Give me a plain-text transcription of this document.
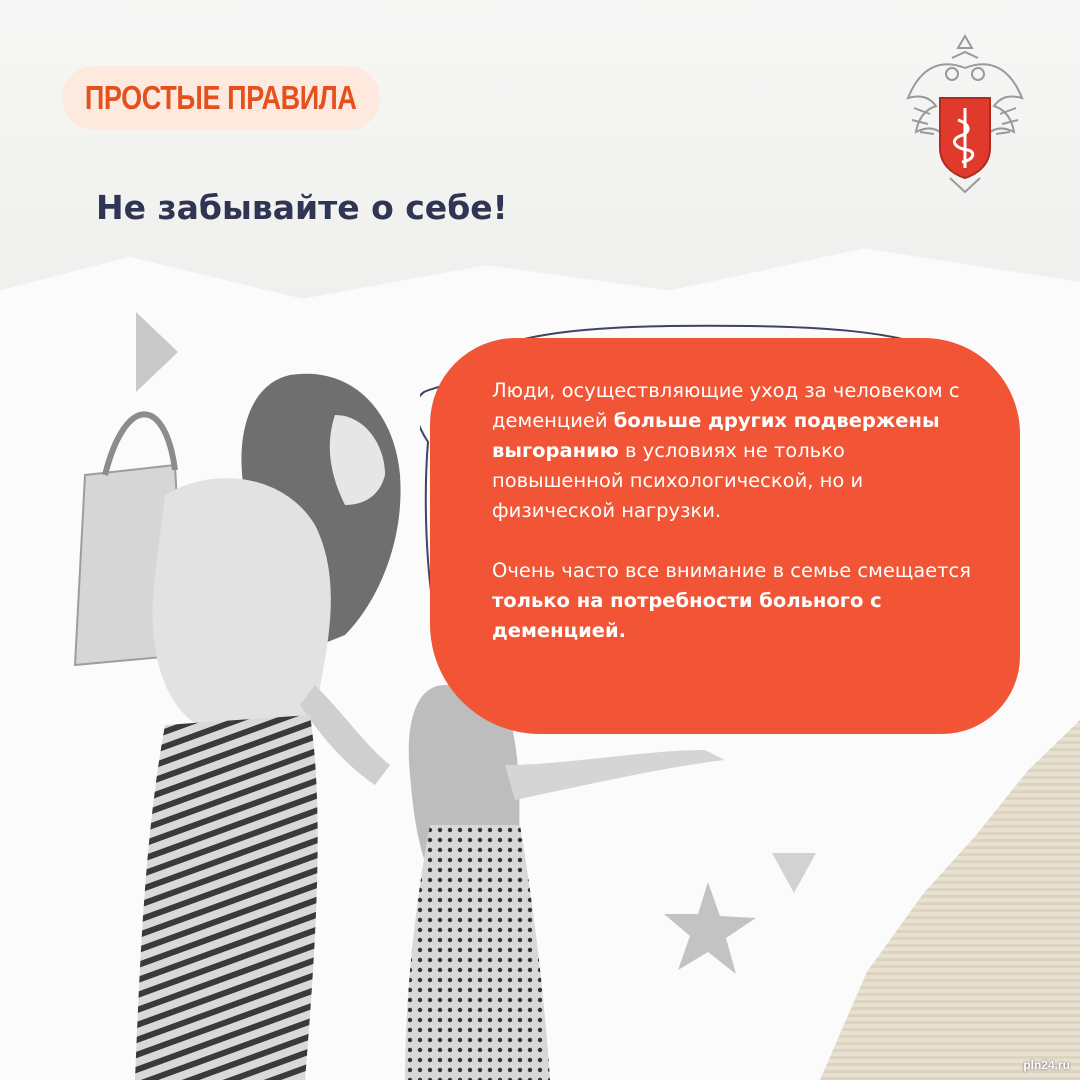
ПРОСТЫЕ ПРАВИЛА
Не забывайте о себе!

Люди, осуществляющие уход за человеком с деменцией больше других подвержены выгоранию в условиях не только повышенной психологической, но и физической нагрузки.

Очень часто все внимание в семье смещается только на потребности больного с деменцией.

pln24.ru
